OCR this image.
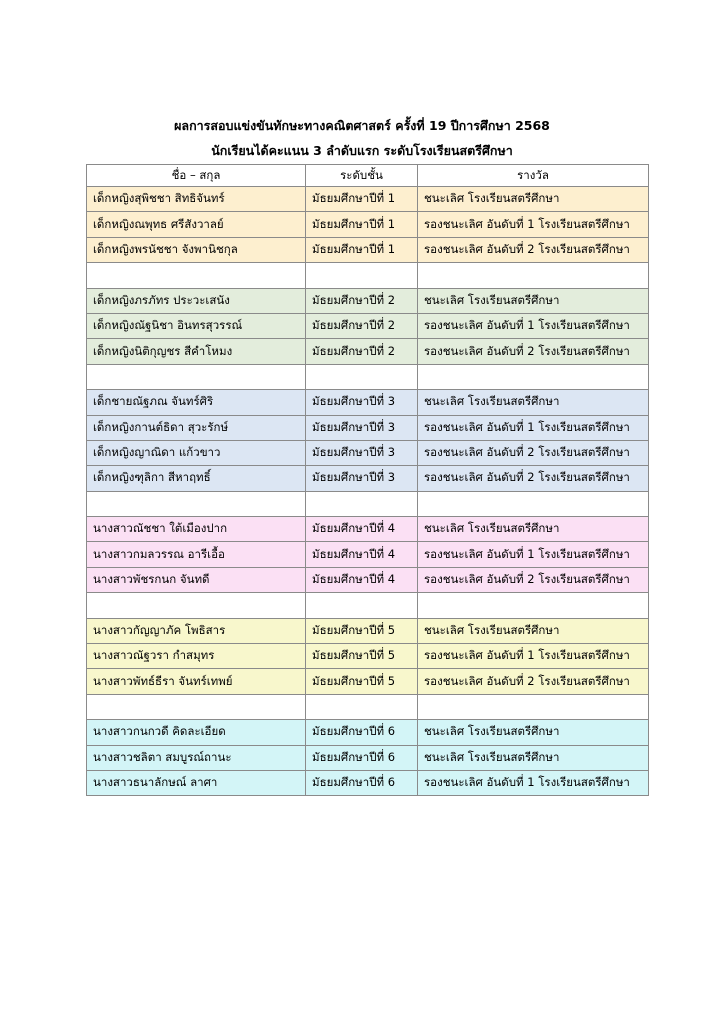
ผลการสอบแข่งขันทักษะทางคณิตศาสตร์ ครั้งที่ 19 ปีการศึกษา 2568
นักเรียนได้คะแนน 3 ลำดับแรก ระดับโรงเรียนสตรีศึกษา
ชื่อ – สกุล	ระดับชั้น	รางวัล
เด็กหญิงสุพิชชา สิทธิจันทร์	มัธยมศึกษาปีที่ 1	ชนะเลิศ โรงเรียนสตรีศึกษา
เด็กหญิงณพุทธ ศรีสังวาลย์	มัธยมศึกษาปีที่ 1	รองชนะเลิศ อันดับที่ 1 โรงเรียนสตรีศึกษา
เด็กหญิงพรนัชชา จังพานิชกุล	มัธยมศึกษาปีที่ 1	รองชนะเลิศ อันดับที่ 2 โรงเรียนสตรีศึกษา

เด็กหญิงภรภัทร ประวะเสนัง	มัธยมศึกษาปีที่ 2	ชนะเลิศ โรงเรียนสตรีศึกษา
เด็กหญิงณัฐนิชา อินทรสุวรรณ์	มัธยมศึกษาปีที่ 2	รองชนะเลิศ อันดับที่ 1 โรงเรียนสตรีศึกษา
เด็กหญิงนิติกุญชร สีคำโหมง	มัธยมศึกษาปีที่ 2	รองชนะเลิศ อันดับที่ 2 โรงเรียนสตรีศึกษา

เด็กชายณัฐภณ จันทร์ศิริ	มัธยมศึกษาปีที่ 3	ชนะเลิศ โรงเรียนสตรีศึกษา
เด็กหญิงกานต์ธิดา สุวะรักษ์	มัธยมศึกษาปีที่ 3	รองชนะเลิศ อันดับที่ 1 โรงเรียนสตรีศึกษา
เด็กหญิงญาณิดา แก้วขาว	มัธยมศึกษาปีที่ 3	รองชนะเลิศ อันดับที่ 2 โรงเรียนสตรีศึกษา
เด็กหญิงฑุลิกา สีหาฤทธิ์	มัธยมศึกษาปีที่ 3	รองชนะเลิศ อันดับที่ 2 โรงเรียนสตรีศึกษา

นางสาวณัชชา ใต้เมืองปาก	มัธยมศึกษาปีที่ 4	ชนะเลิศ โรงเรียนสตรีศึกษา
นางสาวกมลวรรณ อารีเอื้อ	มัธยมศึกษาปีที่ 4	รองชนะเลิศ อันดับที่ 1 โรงเรียนสตรีศึกษา
นางสาวพัชรกนก จันทดี	มัธยมศึกษาปีที่ 4	รองชนะเลิศ อันดับที่ 2 โรงเรียนสตรีศึกษา

นางสาวกัญญาภัค โพธิสาร	มัธยมศึกษาปีที่ 5	ชนะเลิศ โรงเรียนสตรีศึกษา
นางสาวณัฐวรา กำสมุทร	มัธยมศึกษาปีที่ 5	รองชนะเลิศ อันดับที่ 1 โรงเรียนสตรีศึกษา
นางสาวพัทธ์ธีรา จันทร์เทพย์	มัธยมศึกษาปีที่ 5	รองชนะเลิศ อันดับที่ 2 โรงเรียนสตรีศึกษา

นางสาวกนกวดี คิดละเอียด	มัธยมศึกษาปีที่ 6	ชนะเลิศ โรงเรียนสตรีศึกษา
นางสาวชลิตา สมบูรณ์ถานะ	มัธยมศึกษาปีที่ 6	ชนะเลิศ โรงเรียนสตรีศึกษา
นางสาวธนาลักษณ์ ลาศา	มัธยมศึกษาปีที่ 6	รองชนะเลิศ อันดับที่ 1 โรงเรียนสตรีศึกษา
